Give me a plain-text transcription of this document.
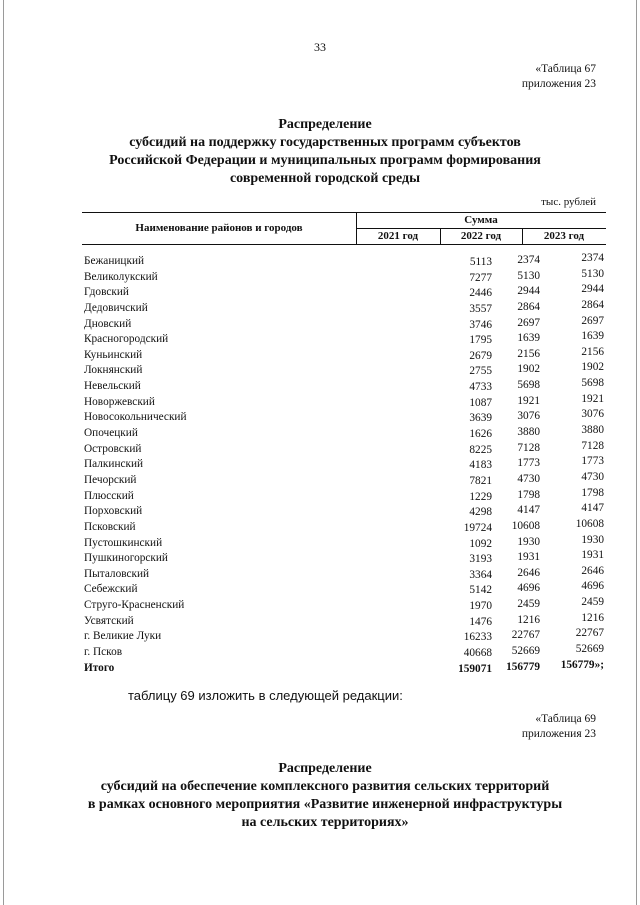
33
«Таблица 67
приложения 23
Распределение
субсидий на поддержку государственных программ субъектов
Российской Федерации и муниципальных программ формирования
современной городской среды
тыс. рублей
Наименование районов и городов
Сумма
2021 год	2022 год	2023 год
Бежаницкий	5113 2374	2374
Великолукский	7277 5130	5130
Гдовский	2446 2944	2944
Дедовичский	3557 2864	2864
Дновский	3746 2697	2697
Красногородский	1795 1639	1639
Куньинский	2679 2156	2156
Локнянский	2755 1902	1902
Невельский	4733 5698	5698
Новоржевский	1087 1921	1921
Новосокольнический	3639 3076	3076
Опочецкий	1626 3880	3880
Островский	8225 7128	7128
Палкинский	4183 1773	1773
Печорский	7821 4730	4730
Плюсский	1229 1798	1798
Порховский	4298 4147	4147
Псковский	19724 10608	10608
Пустошкинский	1092 1930	1930
Пушкиногорский	3193 1931	1931
Пыталовский	3364 2646	2646
Себежский	5142 4696	4696
Струго-Красненский	1970 2459	2459
Усвятский	1476 1216	1216
г. Великие Луки	16233 22767	22767
г. Псков	40668 52669	52669
Итого	159071 156779 156779»;
таблицу 69 изложить в следующей редакции:
«Таблица 69
приложения 23
Распределение
субсидий на обеспечение комплексного развития сельских территорий
в рамках основного мероприятия «Развитие инженерной инфраструктуры
на сельских территориях»
